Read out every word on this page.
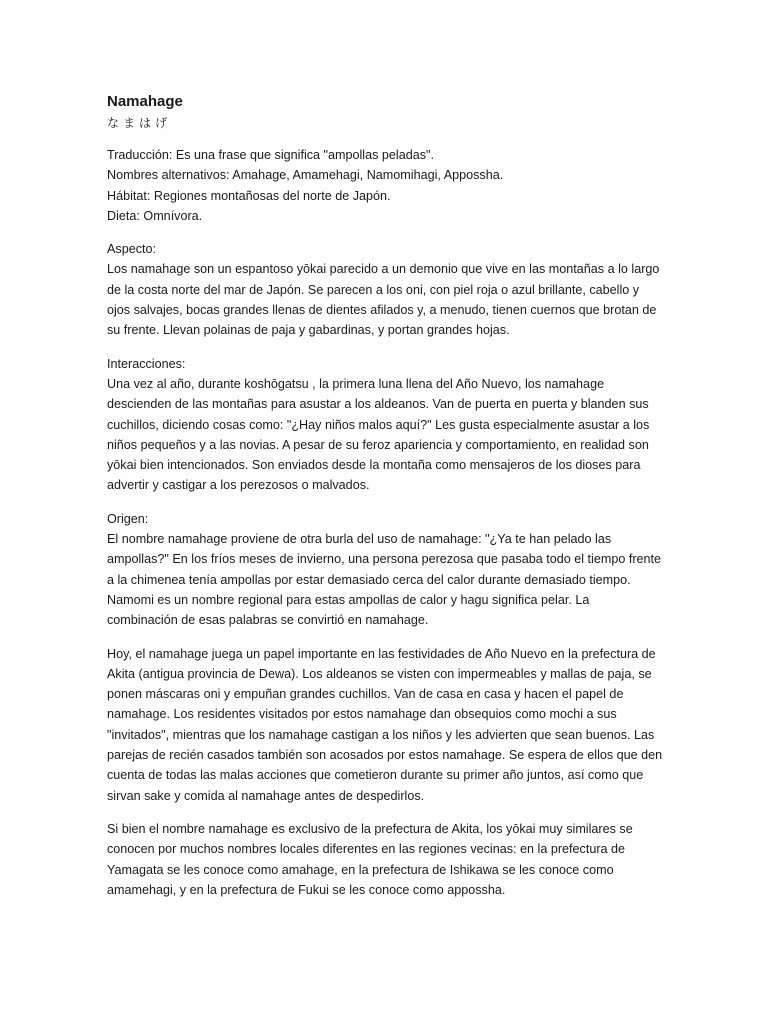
Namahage

なまはげ

Traducción: Es una frase que significa "ampollas peladas".

Nombres alternativos: Amahage, Amamehagi, Namomihagi, Appossha.

Hábitat: Regiones montañosas del norte de Japón.

Dieta: Omnívora.

Aspecto:

Los namahage son un espantoso yōkai parecido a un demonio que vive en las montañas a lo largo de la costa norte del mar de Japón. Se parecen a los oni, con piel roja o azul brillante, cabello y ojos salvajes, bocas grandes llenas de dientes afilados y, a menudo, tienen cuernos que brotan de su frente. Llevan polainas de paja y gabardinas, y portan grandes hojas.

Interacciones:

Una vez al año, durante koshōgatsu , la primera luna llena del Año Nuevo, los namahage descienden de las montañas para asustar a los aldeanos. Van de puerta en puerta y blanden sus cuchillos, diciendo cosas como: "¿Hay niños malos aquí?" Les gusta especialmente asustar a los niños pequeños y a las novias. A pesar de su feroz apariencia y comportamiento, en realidad son yōkai bien intencionados. Son enviados desde la montaña como mensajeros de los dioses para advertir y castigar a los perezosos o malvados.

Origen:

El nombre namahage proviene de otra burla del uso de namahage: "¿Ya te han pelado las ampollas?" En los fríos meses de invierno, una persona perezosa que pasaba todo el tiempo frente a la chimenea tenía ampollas por estar demasiado cerca del calor durante demasiado tiempo. Namomi es un nombre regional para estas ampollas de calor y hagu significa pelar. La combinación de esas palabras se convirtió en namahage.

Hoy, el namahage juega un papel importante en las festividades de Año Nuevo en la prefectura de Akita (antigua provincia de Dewa). Los aldeanos se visten con impermeables y mallas de paja, se ponen máscaras oni y empuñan grandes cuchillos. Van de casa en casa y hacen el papel de namahage. Los residentes visitados por estos namahage dan obsequios como mochi a sus "invitados", mientras que los namahage castigan a los niños y les advierten que sean buenos. Las parejas de recién casados también son acosados por estos namahage. Se espera de ellos que den cuenta de todas las malas acciones que cometieron durante su primer año juntos, así como que sirvan sake y comida al namahage antes de despedirlos.

Si bien el nombre namahage es exclusivo de la prefectura de Akita, los yōkai muy similares se conocen por muchos nombres locales diferentes en las regiones vecinas: en la prefectura de Yamagata se les conoce como amahage, en la prefectura de Ishikawa se les conoce como amamehagi, y en la prefectura de Fukui se les conoce como appossha.
